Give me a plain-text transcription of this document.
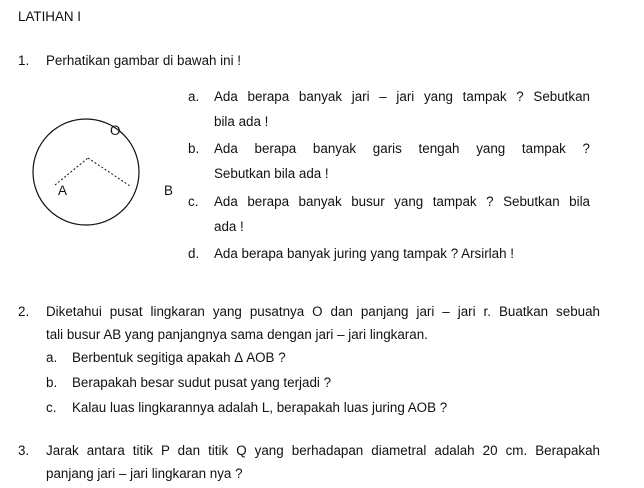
LATIHAN I
1. Perhatikan gambar di bawah ini !
O
A	B
a. Ada berapa banyak jari – jari yang tampak ? Sebutkan
bila ada !
b. Ada berapa banyak garis tengah yang tampak ?
Sebutkan bila ada !
c. Ada berapa banyak busur yang tampak ? Sebutkan bila
ada !
d. Ada berapa banyak juring yang tampak ? Arsirlah !
2. Diketahui pusat lingkaran yang pusatnya O dan panjang jari – jari r. Buatkan sebuah
tali busur AB yang panjangnya sama dengan jari – jari lingkaran.
a. Berbentuk segitiga apakah Δ AOB ?
b. Berapakah besar sudut pusat yang terjadi ?
c. Kalau luas lingkarannya adalah L, berapakah luas juring AOB ?
3. Jarak antara titik P dan titik Q yang berhadapan diametral adalah 20 cm. Berapakah
panjang jari – jari lingkaran nya ?
